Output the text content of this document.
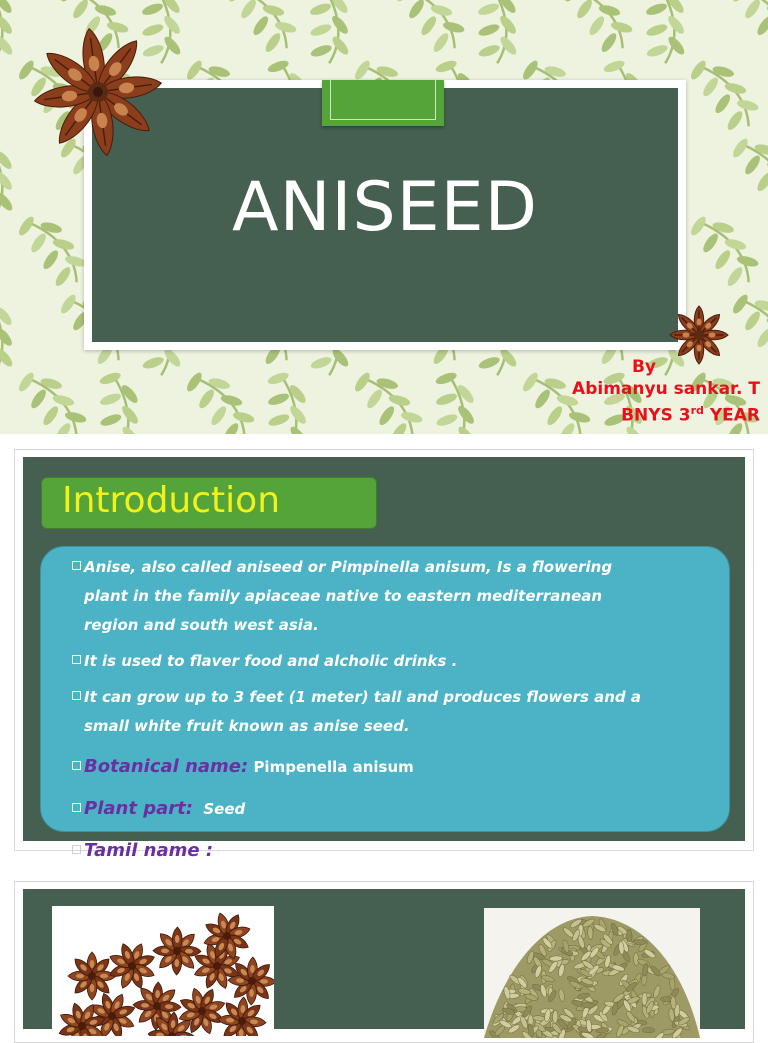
ANISEED
By
Abimanyu sankar. T
BNYS 3rd YEAR
Introduction
Anise, also called aniseed or Pimpinella anisum, Is a flowering
plant in the family apiaceae native to eastern mediterranean
region and south west asia.
It is used to flaver food and alcholic drinks .
It can grow up to 3 feet (1 meter) tall and produces flowers and a
small white fruit known as anise seed.
Botanical name: Pimpenella anisum
Plant part: Seed
Tamil name :
